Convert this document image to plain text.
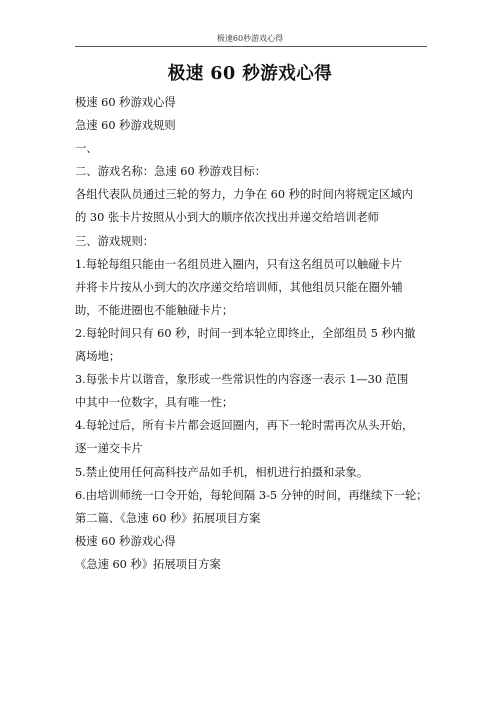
极速60秒游戏心得
极速 60 秒游戏心得
极速 60 秒游戏心得
急速 60 秒游戏规则
一、
二、游戏名称：急速 60 秒游戏目标：
各组代表队员通过三轮的努力，力争在 60 秒的时间内将规定区域内
的 30 张卡片按照从小到大的顺序依次找出并递交给培训老师
三、游戏规则：
1.每轮每组只能由一名组员进入圈内，只有这名组员可以触碰卡片
并将卡片按从小到大的次序递交给培训师，其他组员只能在圈外辅
助，不能进圈也不能触碰卡片；
2.每轮时间只有 60 秒，时间一到本轮立即终止，全部组员 5 秒内撤
离场地；
3.每张卡片以谐音，象形或一些常识性的内容逐一表示 1—30 范围
中其中一位数字，具有唯一性；
4.每轮过后，所有卡片都会返回圈内，再下一轮时需再次从头开始，
逐一递交卡片
5.禁止使用任何高科技产品如手机，相机进行拍摄和录象。
6.由培训师统一口令开始，每轮间隔 3-5 分钟的时间，再继续下一轮；
第二篇、《急速 60 秒》拓展项目方案
极速 60 秒游戏心得
《急速 60 秒》拓展项目方案
